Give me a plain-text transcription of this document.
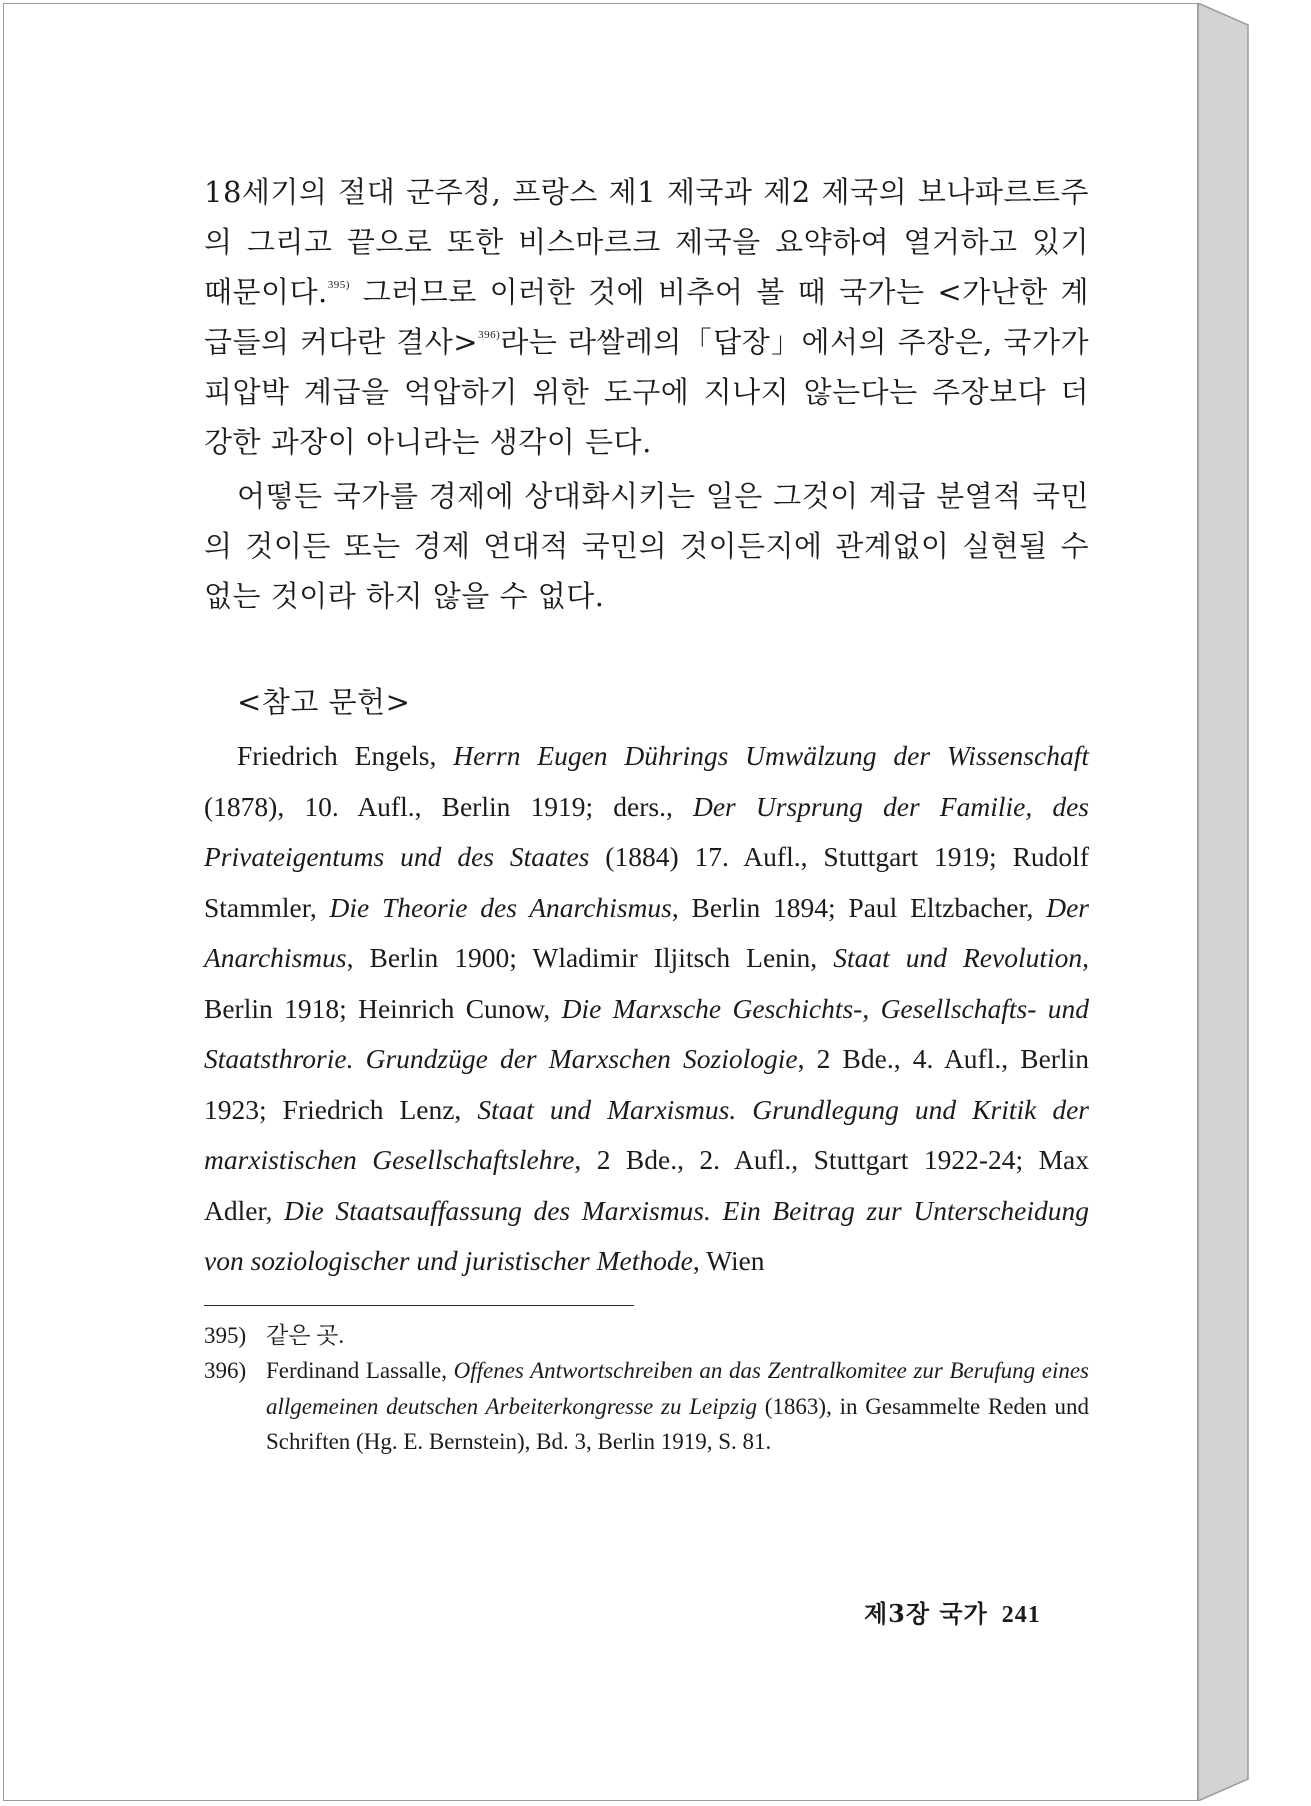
18세기의 절대 군주정, 프랑스 제1 제국과 제2 제국의 보나파르트주의 그리고 끝으로 또한 비스마르크 제국을 요약하여 열거하고 있기 때문이다.$^{395)}$ 그러므로 이러한 것에 비추어 볼 때 국가는 <가난한 계급들의 커다란 결사>$^{396)}$라는 라쌀레의「답장」에서의 주장은, 국가가 피압박 계급을 억압하기 위한 도구에 지나지 않는다는 주장보다 더 강한 과장이 아니라는 생각이 든다.

어떻든 국가를 경제에 상대화시키는 일은 그것이 계급 분열적 국민의 것이든 또는 경제 연대적 국민의 것이든지에 관계없이 실현될 수 없는 것이라 하지 않을 수 없다.

<참고 문헌>

Friedrich Engels, Herrn Eugen Dührings Umwälzung der Wissenschaft (1878), 10. Aufl., Berlin 1919; ders., Der Ursprung der Familie, des Privateigentums und des Staates (1884) 17. Aufl., Stuttgart 1919; Rudolf Stammler, Die Theorie des Anarchismus, Berlin 1894; Paul Eltzbacher, Der Anarchismus, Berlin 1900; Wladimir Iljitsch Lenin, Staat und Revolution, Berlin 1918; Heinrich Cunow, Die Marxsche Geschichts-, Gesellschafts- und Staatsthrorie. Grundzüge der Marxschen Soziologie, 2 Bde., 4. Aufl., Berlin 1923; Friedrich Lenz, Staat und Marxismus. Grundlegung und Kritik der marxistischen Gesellschaftslehre, 2 Bde., 2. Aufl., Stuttgart 1922-24; Max Adler, Die Staatsauffassung des Marxismus. Ein Beitrag zur Unterscheidung von soziologischer und juristischer Methode, Wien

395) 같은 곳.
396) Ferdinand Lassalle, Offenes Antwortschreiben an das Zentralkomitee zur Berufung eines allgemeinen deutschen Arbeiterkongresse zu Leipzig (1863), in Gesammelte Reden und Schriften (Hg. E. Bernstein), Bd. 3, Berlin 1919, S. 81.
제3장 국가 241
